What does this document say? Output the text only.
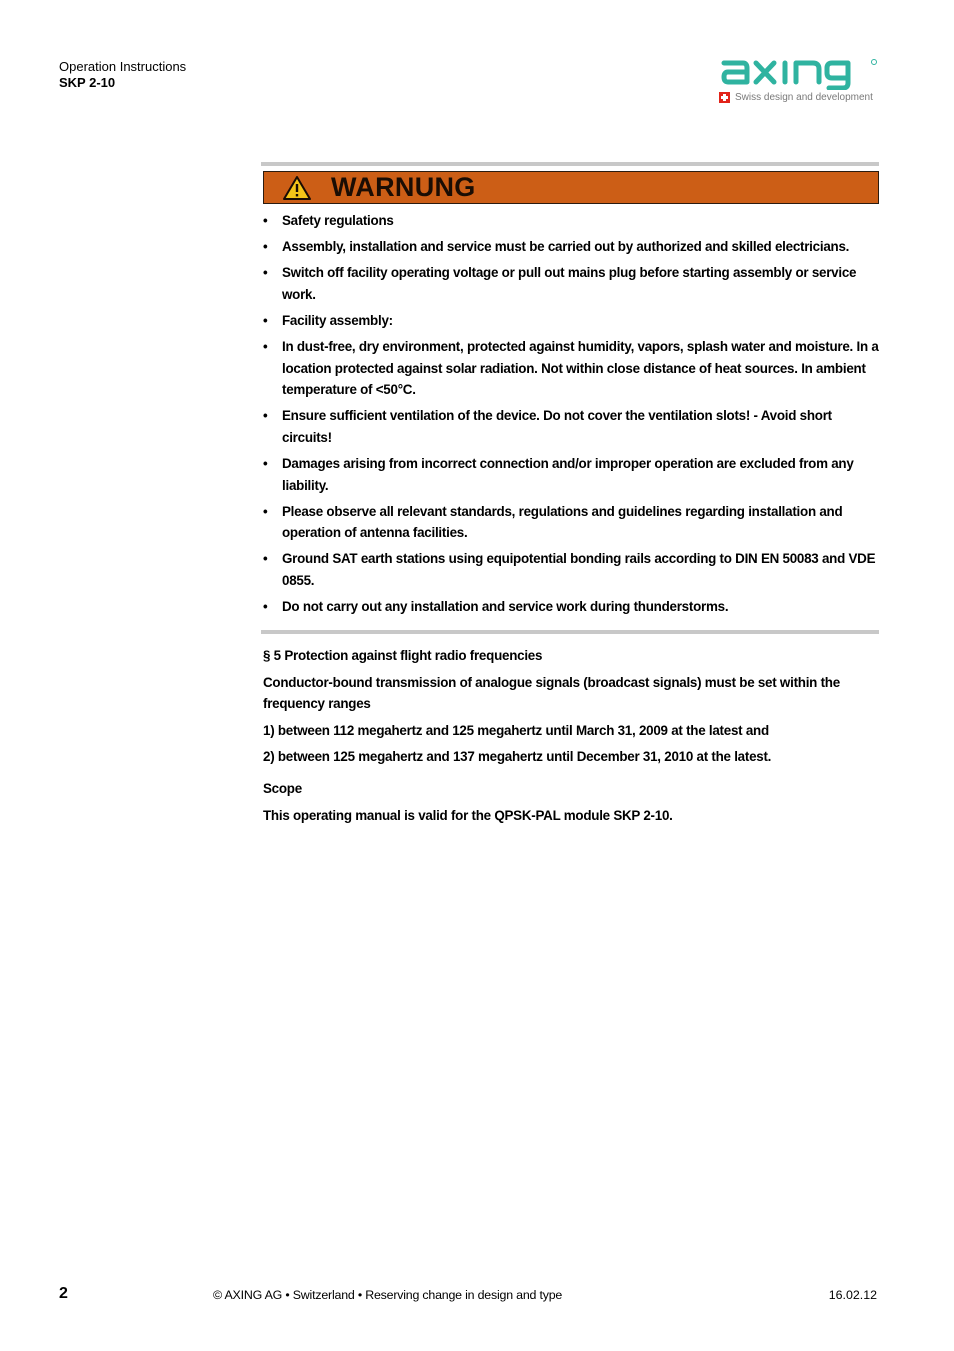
Operation Instructions
SKP 2-10
Swiss design and development
WARNUNG
• Safety regulations
• Assembly, installation and service must be carried out by authorized and skilled electricians.
• Switch off facility operating voltage or pull out mains plug before starting assembly or service work.
• Facility assembly:
• In dust-free, dry environment, protected against humidity, vapors, splash water and moisture. In a location protected against solar radiation. Not within close distance of heat sources. In ambient temperature of <50°C.
• Ensure sufficient ventilation of the device. Do not cover the ventilation slots! - Avoid short circuits!
• Damages arising from incorrect connection and/or improper operation are excluded from any liability.
• Please observe all relevant standards, regulations and guidelines regarding installation and operation of antenna facilities.
• Ground SAT earth stations using equipotential bonding rails according to DIN EN 50083 and VDE 0855.
• Do not carry out any installation and service work during thunderstorms.

§ 5 Protection against flight radio frequencies

Conductor-bound transmission of analogue signals (broadcast signals) must be set within the frequency ranges

1) between 112 megahertz and 125 megahertz until March 31, 2009 at the latest and

2) between 125 megahertz and 137 megahertz until December 31, 2010 at the latest.

Scope

This operating manual is valid for the QPSK-PAL module SKP 2-10.

2	© AXING AG • Switzerland • Reserving change in design and type	16.02.12
